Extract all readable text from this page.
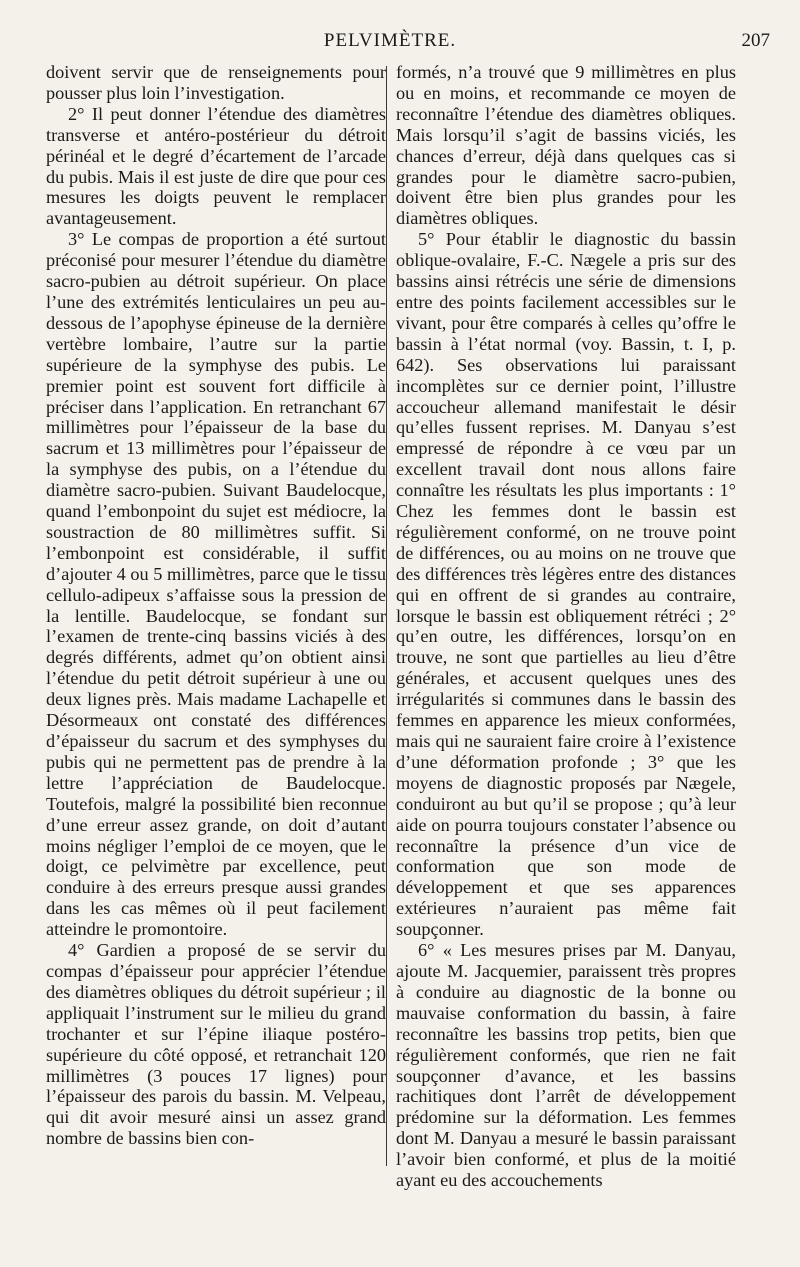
PELVIMÈTRE.	207

doivent servir que de renseignements pour pousser plus loin l’investigation.

2° Il peut donner l’étendue des diamètres transverse et antéro-postérieur du détroit périnéal et le degré d’écartement de l’arcade du pubis. Mais il est juste de dire que pour ces mesures les doigts peuvent le remplacer avantageusement.

3° Le compas de proportion a été surtout préconisé pour mesurer l’étendue du diamètre sacro-pubien au détroit supérieur. On place l’une des extrémités lenticulaires un peu au-dessous de l’apophyse épineuse de la dernière vertèbre lombaire, l’autre sur la partie supérieure de la symphyse des pubis. Le premier point est souvent fort difficile à préciser dans l’application. En retranchant 67 millimètres pour l’épaisseur de la base du sacrum et 13 millimètres pour l’épaisseur de la symphyse des pubis, on a l’étendue du diamètre sacro-pubien. Suivant Baudelocque, quand l’embonpoint du sujet est médiocre, la soustraction de 80 millimètres suffit. Si l’embonpoint est considérable, il suffit d’ajouter 4 ou 5 millimètres, parce que le tissu cellulo-adipeux s’affaisse sous la pression de la lentille. Baudelocque, se fondant sur l’examen de trente-cinq bassins viciés à des degrés différents, admet qu’on obtient ainsi l’étendue du petit détroit supérieur à une ou deux lignes près. Mais madame Lachapelle et Désormeaux ont constaté des différences d’épaisseur du sacrum et des symphyses du pubis qui ne permettent pas de prendre à la lettre l’appréciation de Baudelocque. Toutefois, malgré la possibilité bien reconnue d’une erreur assez grande, on doit d’autant moins négliger l’emploi de ce moyen, que le doigt, ce pelvimètre par excellence, peut conduire à des erreurs presque aussi grandes dans les cas mêmes où il peut facilement atteindre le promontoire.

4° Gardien a proposé de se servir du compas d’épaisseur pour apprécier l’étendue des diamètres obliques du détroit supérieur ; il appliquait l’instrument sur le milieu du grand trochanter et sur l’épine iliaque postéro-supérieure du côté opposé, et retranchait 120 millimètres (3 pouces 17 lignes) pour l’épaisseur des parois du bassin. M. Velpeau, qui dit avoir mesuré ainsi un assez grand nombre de bassins bien con-

formés, n’a trouvé que 9 millimètres en plus ou en moins, et recommande ce moyen de reconnaître l’étendue des diamètres obliques. Mais lorsqu’il s’agit de bassins viciés, les chances d’erreur, déjà dans quelques cas si grandes pour le diamètre sacro-pubien, doivent être bien plus grandes pour les diamètres obliques.

5° Pour établir le diagnostic du bassin oblique-ovalaire, F.-C. Nægele a pris sur des bassins ainsi rétrécis une série de dimensions entre des points facilement accessibles sur le vivant, pour être comparés à celles qu’offre le bassin à l’état normal (voy. Bassin, t. I, p. 642). Ses observations lui paraissant incomplètes sur ce dernier point, l’illustre accoucheur allemand manifestait le désir qu’elles fussent reprises. M. Danyau s’est empressé de répondre à ce vœu par un excellent travail dont nous allons faire connaître les résultats les plus importants : 1° Chez les femmes dont le bassin est régulièrement conformé, on ne trouve point de différences, ou au moins on ne trouve que des différences très légères entre des distances qui en offrent de si grandes au contraire, lorsque le bassin est obliquement rétréci ; 2° qu’en outre, les différences, lorsqu’on en trouve, ne sont que partielles au lieu d’être générales, et accusent quelques unes des irrégularités si communes dans le bassin des femmes en apparence les mieux conformées, mais qui ne sauraient faire croire à l’existence d’une déformation profonde ; 3° que les moyens de diagnostic proposés par Nægele, conduiront au but qu’il se propose ; qu’à leur aide on pourra toujours constater l’absence ou reconnaître la présence d’un vice de conformation que son mode de développement et que ses apparences extérieures n’auraient pas même fait soupçonner.

6° « Les mesures prises par M. Danyau, ajoute M. Jacquemier, paraissent très propres à conduire au diagnostic de la bonne ou mauvaise conformation du bassin, à faire reconnaître les bassins trop petits, bien que régulièrement conformés, que rien ne fait soupçonner d’avance, et les bassins rachitiques dont l’arrêt de développement prédomine sur la déformation. Les femmes dont M. Danyau a mesuré le bassin paraissant l’avoir bien conformé, et plus de la moitié ayant eu des accouchements
